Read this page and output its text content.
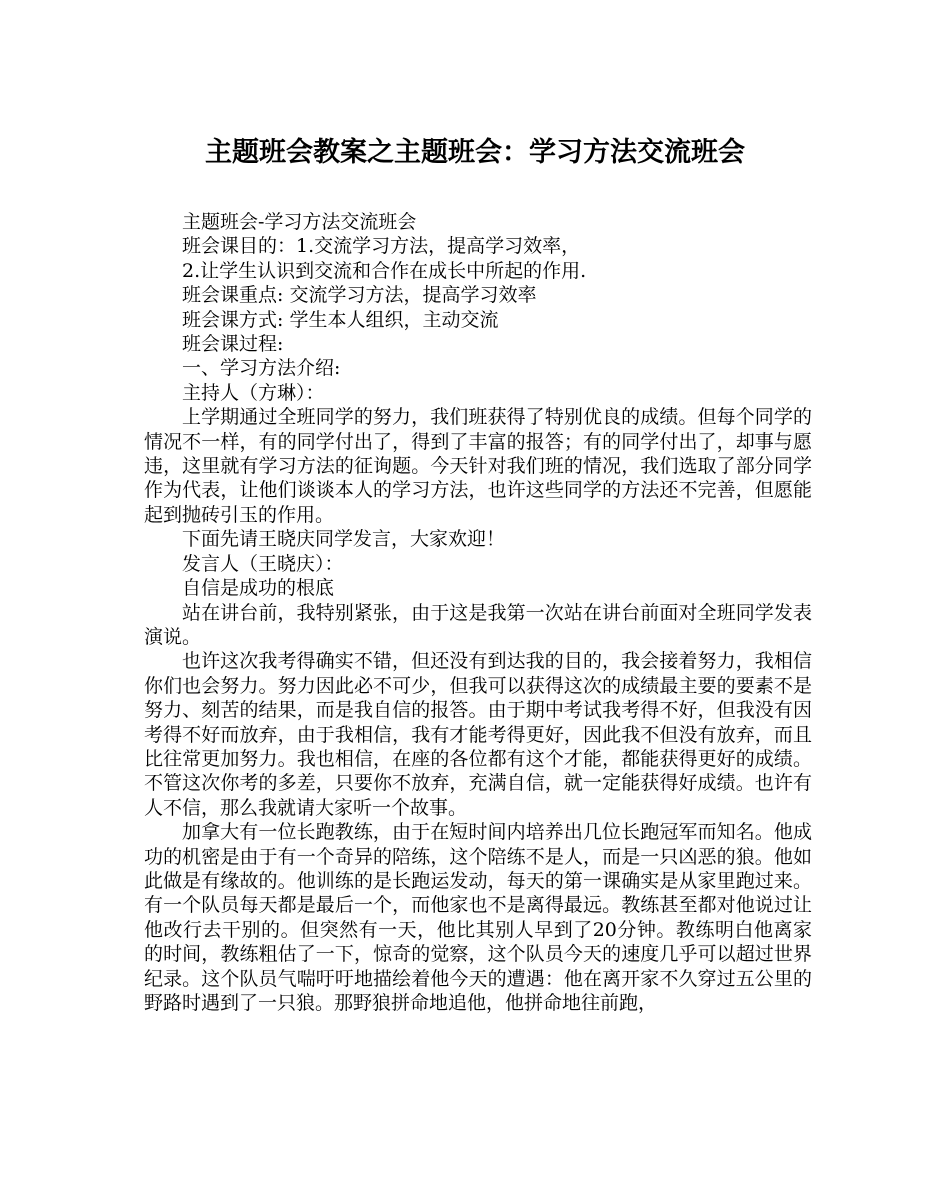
主题班会教案之主题班会：学习方法交流班会

主题班会-学习方法交流班会

班会课目的：1.交流学习方法，提高学习效率，

2.让学生认识到交流和合作在成长中所起的作用.

班会课重点: 交流学习方法，提高学习效率

班会课方式: 学生本人组织，主动交流

班会课过程:

一、学习方法介绍:

主持人（方琳）：

上学期通过全班同学的努力，我们班获得了特别优良的成绩。但每个同学的情况不一样，有的同学付出了，得到了丰富的报答；有的同学付出了，却事与愿违，这里就有学习方法的征询题。今天针对我们班的情况，我们选取了部分同学作为代表，让他们谈谈本人的学习方法，也许这些同学的方法还不完善，但愿能起到抛砖引玉的作用。

下面先请王晓庆同学发言，大家欢迎！

发言人（王晓庆）：

自信是成功的根底

站在讲台前，我特别紧张，由于这是我第一次站在讲台前面对全班同学发表演说。

也许这次我考得确实不错，但还没有到达我的目的，我会接着努力，我相信你们也会努力。努力因此必不可少，但我可以获得这次的成绩最主要的要素不是努力、刻苦的结果，而是我自信的报答。由于期中考试我考得不好，但我没有因考得不好而放弃，由于我相信，我有才能考得更好，因此我不但没有放弃，而且比往常更加努力。我也相信，在座的各位都有这个才能，都能获得更好的成绩。不管这次你考的多差，只要你不放弃，充满自信，就一定能获得好成绩。也许有人不信，那么我就请大家听一个故事。

加拿大有一位长跑教练，由于在短时间内培养出几位长跑冠军而知名。他成功的机密是由于有一个奇异的陪练，这个陪练不是人，而是一只凶恶的狼。他如此做是有缘故的。他训练的是长跑运发动，每天的第一课确实是从家里跑过来。有一个队员每天都是最后一个，而他家也不是离得最远。教练甚至都对他说过让他改行去干别的。但突然有一天，他比其别人早到了20分钟。教练明白他离家的时间，教练粗估了一下，惊奇的觉察，这个队员今天的速度几乎可以超过世界纪录。这个队员气喘吁吁地描绘着他今天的遭遇：他在离开家不久穿过五公里的野路时遇到了一只狼。那野狼拼命地追他，他拼命地往前跑，
